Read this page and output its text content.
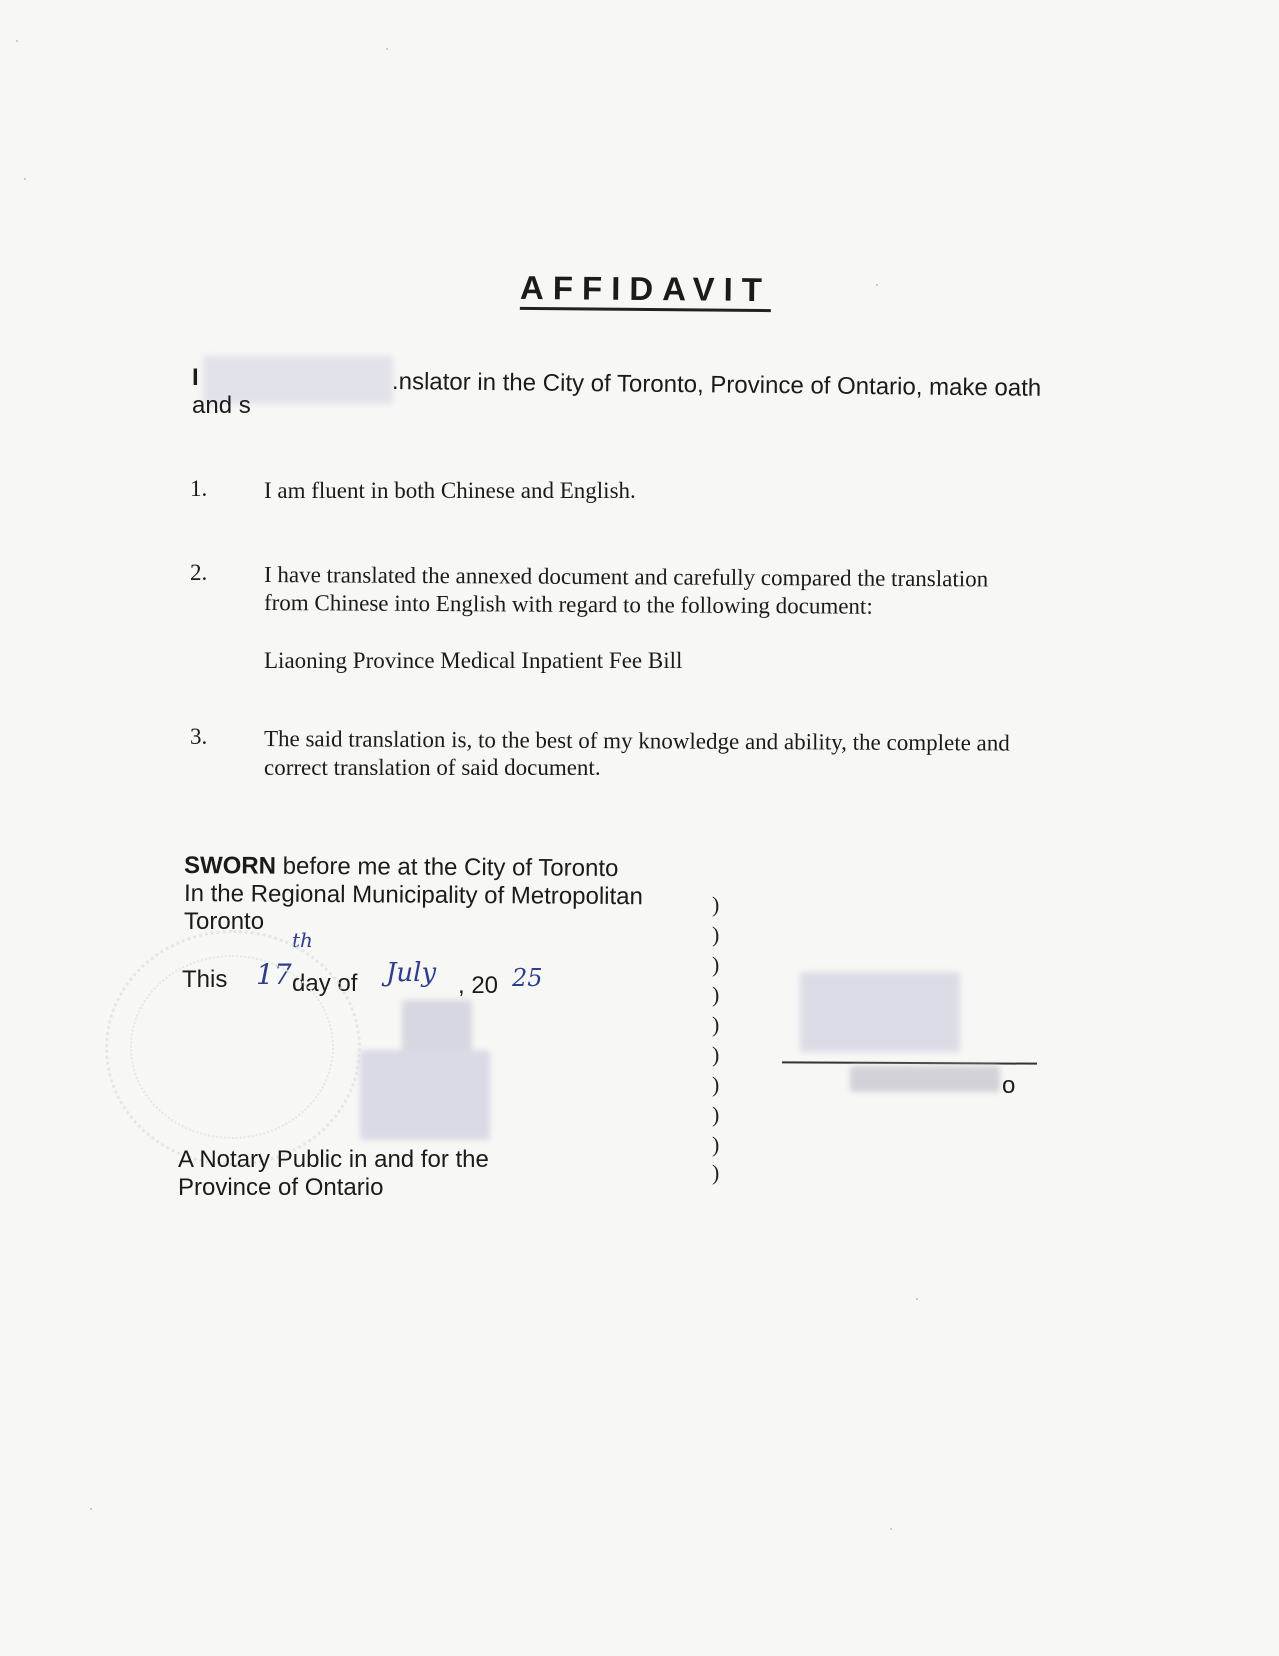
AFFIDAVIT
I	.nslator in the City of Toronto, Province of Ontario, make oath
and s
1. I am fluent in both Chinese and English.
2. I have translated the annexed document and carefully compared the translation
from Chinese into English with regard to the following document:
Liaoning Province Medical Inpatient Fee Bill
3. The said translation is, to the best of my knowledge and ability, the complete and
correct translation of said document.
SWORN before me at the City of Toronto
In the Regional Municipality of Metropolitan
Toronto
This 17
th
day of July , 20 25
A Notary Public in and for the
Province of Ontario
)
)
)
)
)
)
)
)
)
)
o
